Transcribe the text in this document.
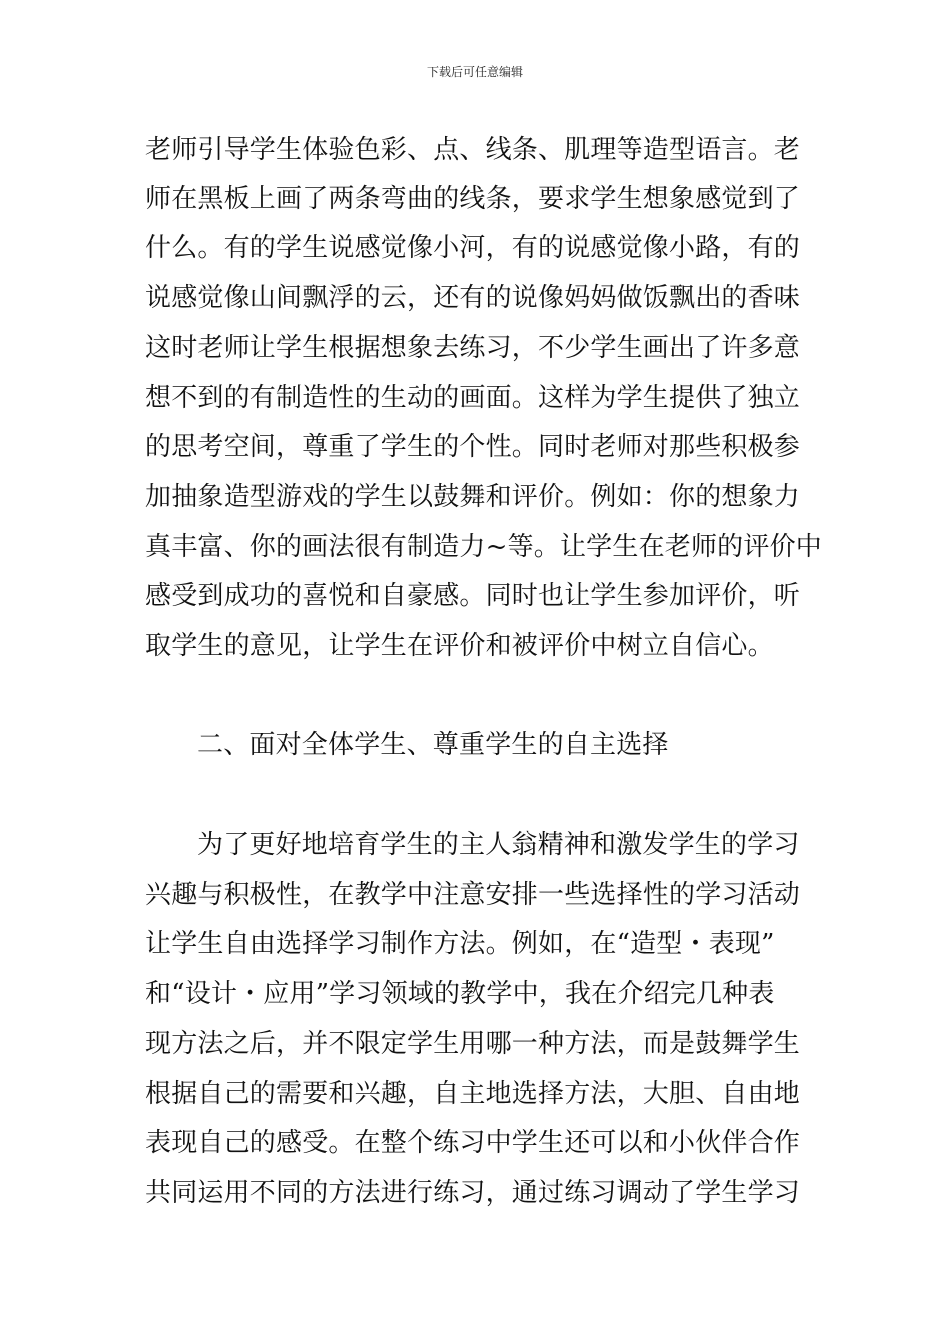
下载后可任意编辑
老师引导学生体验色彩、点、线条、肌理等造型语言。老
师在黑板上画了两条弯曲的线条，要求学生想象感觉到了
什么。有的学生说感觉像小河，有的说感觉像小路，有的
说感觉像山间飘浮的云，还有的说像妈妈做饭飘出的香味
这时老师让学生根据想象去练习，不少学生画出了许多意
想不到的有制造性的生动的画面。这样为学生提供了独立
的思考空间，尊重了学生的个性。同时老师对那些积极参
加抽象造型游戏的学生以鼓舞和评价。例如：你的想象力
真丰富、你的画法很有制造力~等。让学生在老师的评价中
感受到成功的喜悦和自豪感。同时也让学生参加评价，听
取学生的意见，让学生在评价和被评价中树立自信心。
二、面对全体学生、尊重学生的自主选择
为了更好地培育学生的主人翁精神和激发学生的学习
兴趣与积极性，在教学中注意安排一些选择性的学习活动
让学生自由选择学习制作方法。例如，在“造型・表现”
和“设计・应用”学习领域的教学中，我在介绍完几种表
现方法之后，并不限定学生用哪一种方法，而是鼓舞学生
根据自己的需要和兴趣，自主地选择方法，大胆、自由地
表现自己的感受。在整个练习中学生还可以和小伙伴合作
共同运用不同的方法进行练习，通过练习调动了学生学习
